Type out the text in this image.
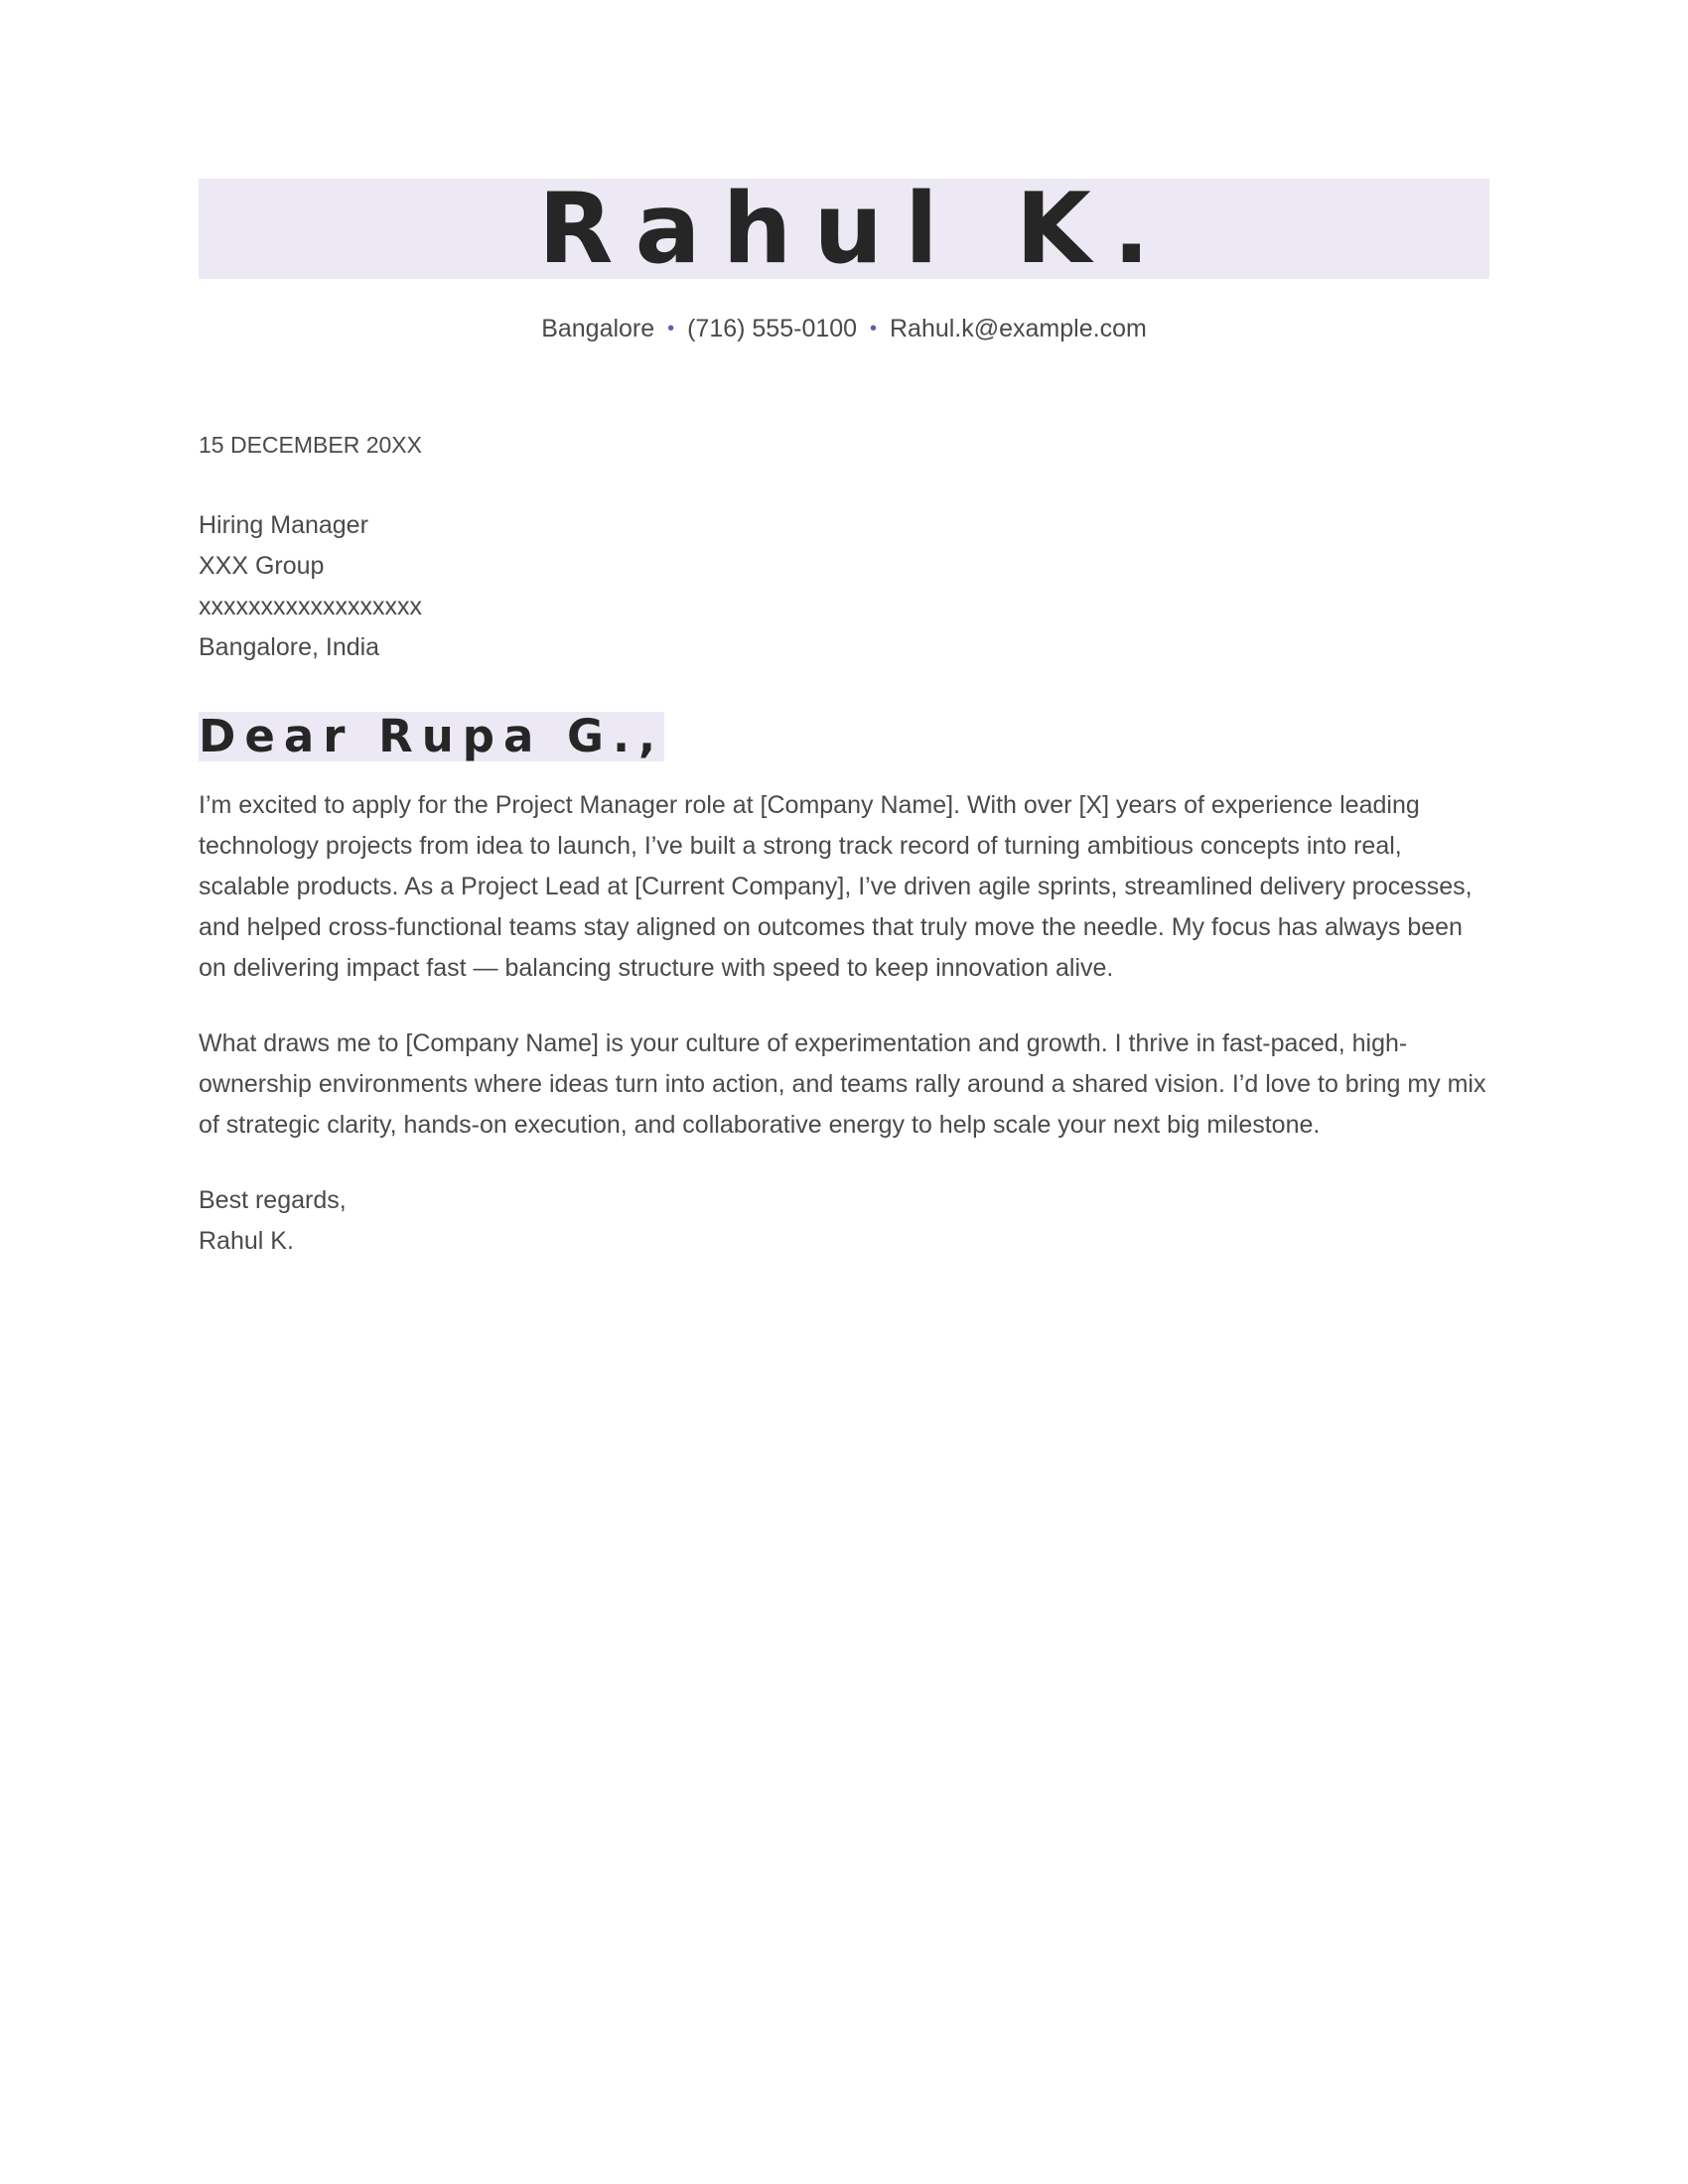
Rahul K.
Bangalore • (716) 555-0100 • Rahul.k@example.com
15 DECEMBER 20XX
Hiring Manager
XXX Group
xxxxxxxxxxxxxxxxxx
Bangalore, India
Dear Rupa G.,
I’m excited to apply for the Project Manager role at [Company Name]. With over [X] years of experience leading technology projects from idea to launch, I’ve built a strong track record of turning ambitious concepts into real, scalable products. As a Project Lead at [Current Company], I’ve driven agile sprints, streamlined delivery processes, and helped cross-functional teams stay aligned on outcomes that truly move the needle. My focus has always been on delivering impact fast — balancing structure with speed to keep innovation alive.
What draws me to [Company Name] is your culture of experimentation and growth. I thrive in fast-paced, high-ownership environments where ideas turn into action, and teams rally around a shared vision. I’d love to bring my mix of strategic clarity, hands-on execution, and collaborative energy to help scale your next big milestone.
Best regards,
Rahul K.
